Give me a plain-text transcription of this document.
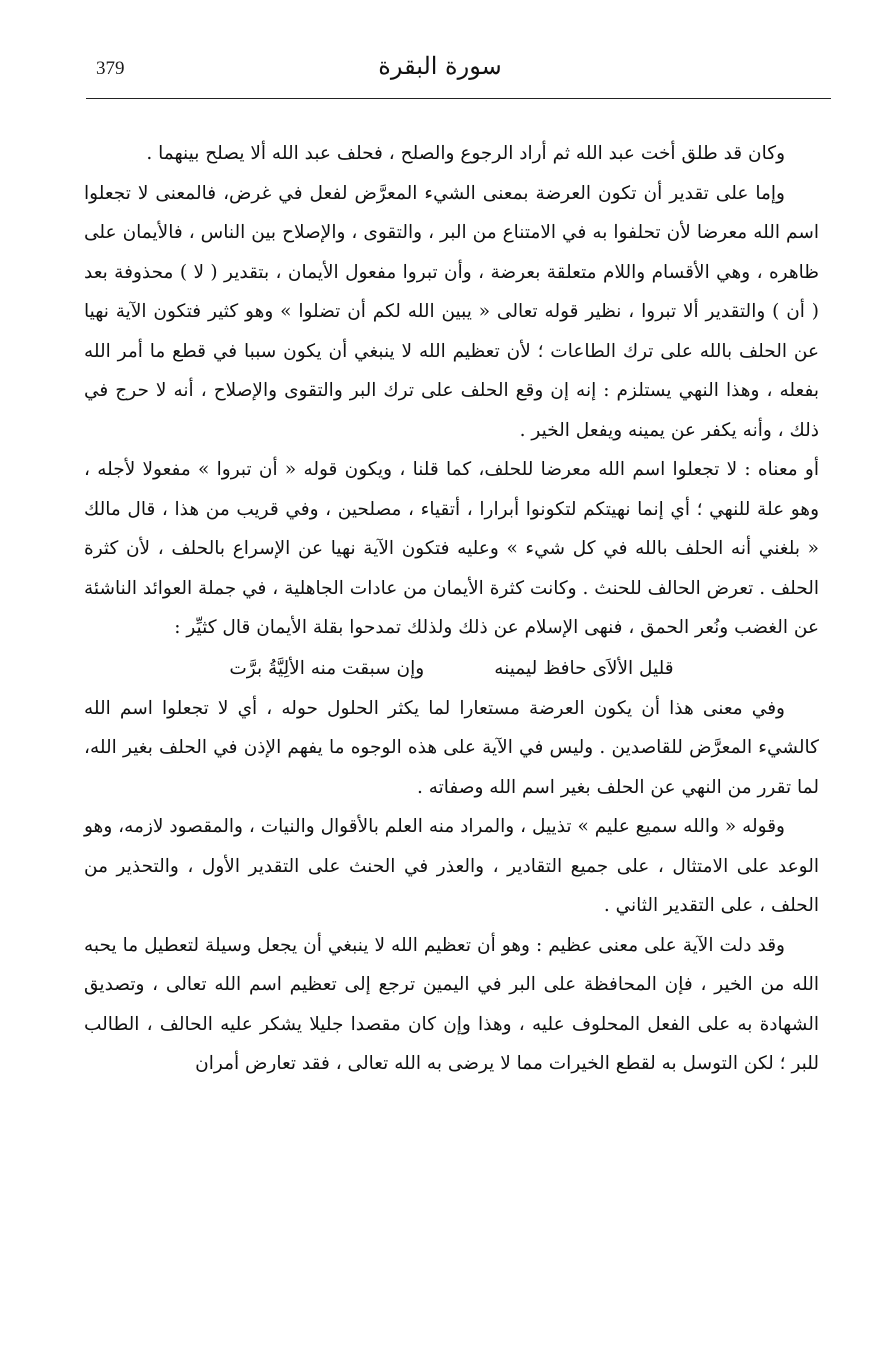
379	سورة البقرة

وكان قد طلق أخت عبد الله ثم أراد الرجوع والصلح ، فحلف عبد الله ألا يصلح بينهما .

وإما على تقدير أن تكون العرضة بمعنى الشيء المعرَّض لفعل في غرض، فالمعنى لا تجعلوا اسم الله معرضا لأن تحلفوا به في الامتناع من البر ، والتقوى ، والإصلاح بين الناس ، فالأيمان على ظاهره ، وهي الأقسام واللام متعلقة بعرضة ، وأن تبروا مفعول الأيمان ، بتقدير ( لا ) محذوفة بعد ( أن ) والتقدير ألا تبروا ، نظير قوله تعالى « يبين الله لكم أن تضلوا » وهو كثير فتكون الآية نهيا عن الحلف بالله على ترك الطاعات ؛ لأن تعظيم الله لا ينبغي أن يكون سببا في قطع ما أمر الله بفعله ، وهذا النهي يستلزم : إنه إن وقع الحلف على ترك البر والتقوى والإصلاح ، أنه لا حرج في ذلك ، وأنه يكفر عن يمينه ويفعل الخير .

أو معناه : لا تجعلوا اسم الله معرضا للحلف، كما قلنا ، ويكون قوله « أن تبروا » مفعولا لأجله ، وهو علة للنهي ؛ أي إنما نهيتكم لتكونوا أبرارا ، أتقياء ، مصلحين ، وفي قريب من هذا ، قال مالك « بلغني أنه الحلف بالله في كل شيء » وعليه فتكون الآية نهيا عن الإسراع بالحلف ، لأن كثرة الحلف . تعرض الحالف للحنث . وكانت كثرة الأيمان من عادات الجاهلية ، في جملة العوائد الناشئة عن الغضب ونُعر الحمق ، فنهى الإسلام عن ذلك ولذلك تمدحوا بقلة الأيمان قال كثيِّر :

قليل الألاَى حافظ ليمينه
وإن سبقت منه الألِيَّةُ برَّت

وفي معنى هذا أن يكون العرضة مستعارا لما يكثر الحلول حوله ، أي لا تجعلوا اسم الله كالشيء المعرَّض للقاصدين . وليس في الآية على هذه الوجوه ما يفهم الإذن في الحلف بغير الله، لما تقرر من النهي عن الحلف بغير اسم الله وصفاته .

وقوله « والله سميع عليم » تذييل ، والمراد منه العلم بالأقوال والنيات ، والمقصود لازمه، وهو الوعد على الامتثال ، على جميع التقادير ، والعذر في الحنث على التقدير الأول ، والتحذير من الحلف ، على التقدير الثاني .

وقد دلت الآية على معنى عظيم : وهو أن تعظيم الله لا ينبغي أن يجعل وسيلة لتعطيل ما يحبه الله من الخير ، فإن المحافظة على البر في اليمين ترجع إلى تعظيم اسم الله تعالى ، وتصديق الشهادة به على الفعل المحلوف عليه ، وهذا وإن كان مقصدا جليلا يشكر عليه الحالف ، الطالب للبر ؛ لكن التوسل به لقطع الخيرات مما لا يرضى به الله تعالى ، فقد تعارض أمران
